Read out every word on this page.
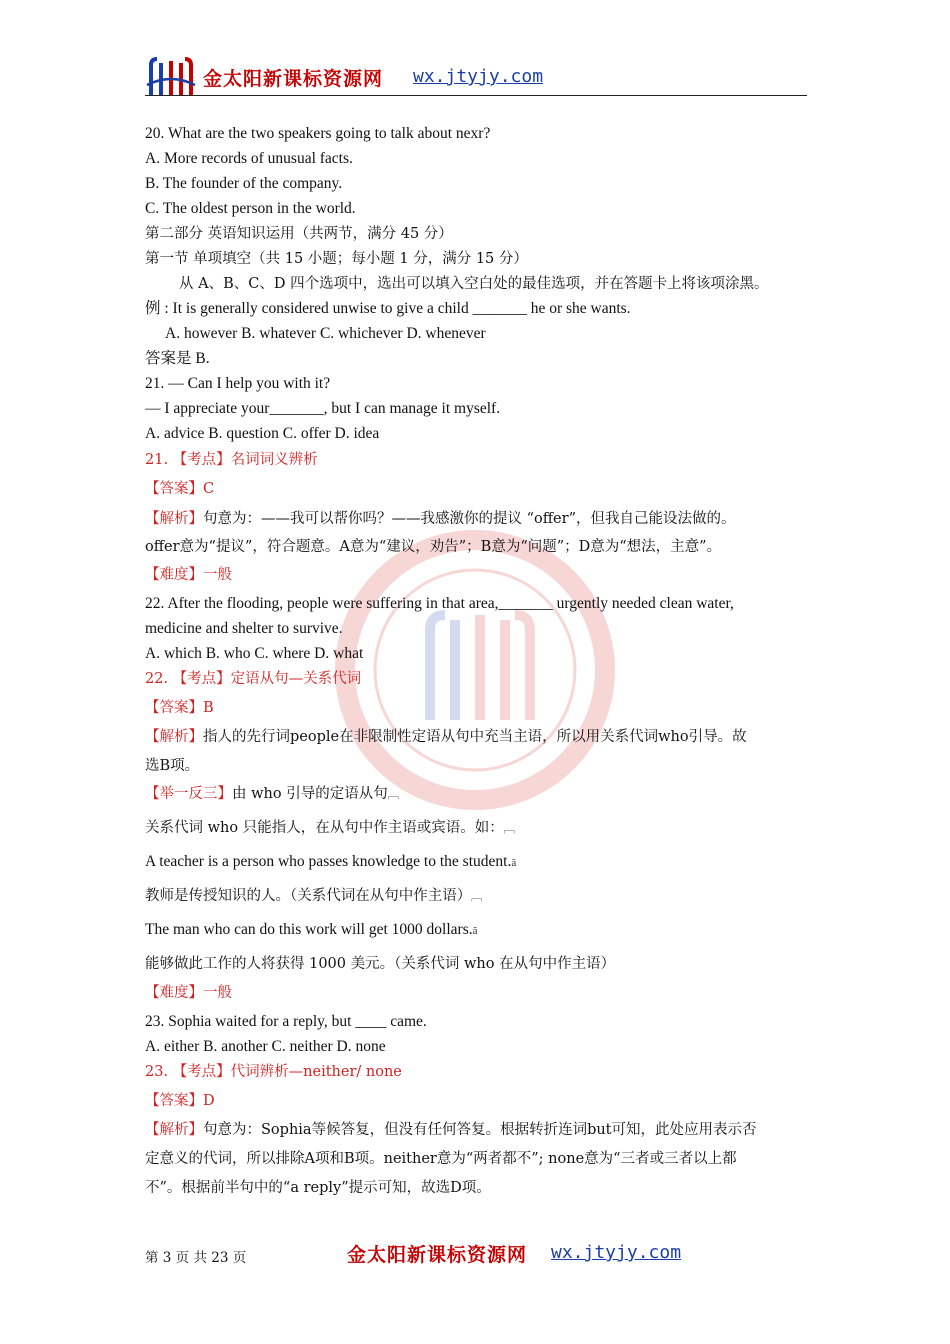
金太阳新课标资源网 wx.jtyjy.com
20. What are the two speakers going to talk about nexr?
A. More records of unusual facts.
B. The founder of the company.
C. The oldest person in the world.
第二部分 英语知识运用（共两节，满分 45 分）
第一节 单项填空（共 15 小题；每小题 1 分，满分 15 分）
从 A、B、C、D 四个选项中，选出可以填入空白处的最佳选项，并在答题卡上将该项涂黑。
例 : It is generally considered unwise to give a child _______ he or she wants.
A. however B. whatever C. whichever D. whenever
答案是 B.
21. — Can I help you with it?
— I appreciate your_______, but I can manage it myself.
A. advice B. question C. offer D. idea
21. 【考点】名词词义辨析
【答案】C
【解析】句意为：——我可以帮你吗？——我感激你的提议 “offer”，但我自己能设法做的。
offer意为“提议”，符合题意。A意为“建议，劝告”；B意为“问题”；D意为“想法，主意”。
【难度】一般
22. After the flooding, people were suffering in that area,_______ urgently needed clean water,
medicine and shelter to survive.
A. which B. who C. where D. what
22. 【考点】定语从句—关系代词
【答案】B
【解析】指人的先行词people在非限制性定语从句中充当主语，所以用关系代词who引导。故
选B项。
【举一反三】由 who 引导的定语从句﹇
关系代词 who 只能指人，在从句中作主语或宾语。如：﹇
A teacher is a person who passes knowledge to the student.ã
教师是传授知识的人。（关系代词在从句中作主语）﹇
The man who can do this work will get 1000 dollars.ã
能够做此工作的人将获得 1000 美元。（关系代词 who 在从句中作主语）
【难度】一般
23. Sophia waited for a reply, but ____ came.
A. either B. another C. neither D. none
23. 【考点】代词辨析—neither/ none
【答案】D
【解析】句意为：Sophia等候答复，但没有任何答复。根据转折连词but可知，此处应用表示否
定意义的代词，所以排除A项和B项。neither意为“两者都不”; none意为“三者或三者以上都
不”。根据前半句中的“a reply”提示可知，故选D项。
第 3 页 共 23 页	金太阳新课标资源网 wx.jtyjy.com
